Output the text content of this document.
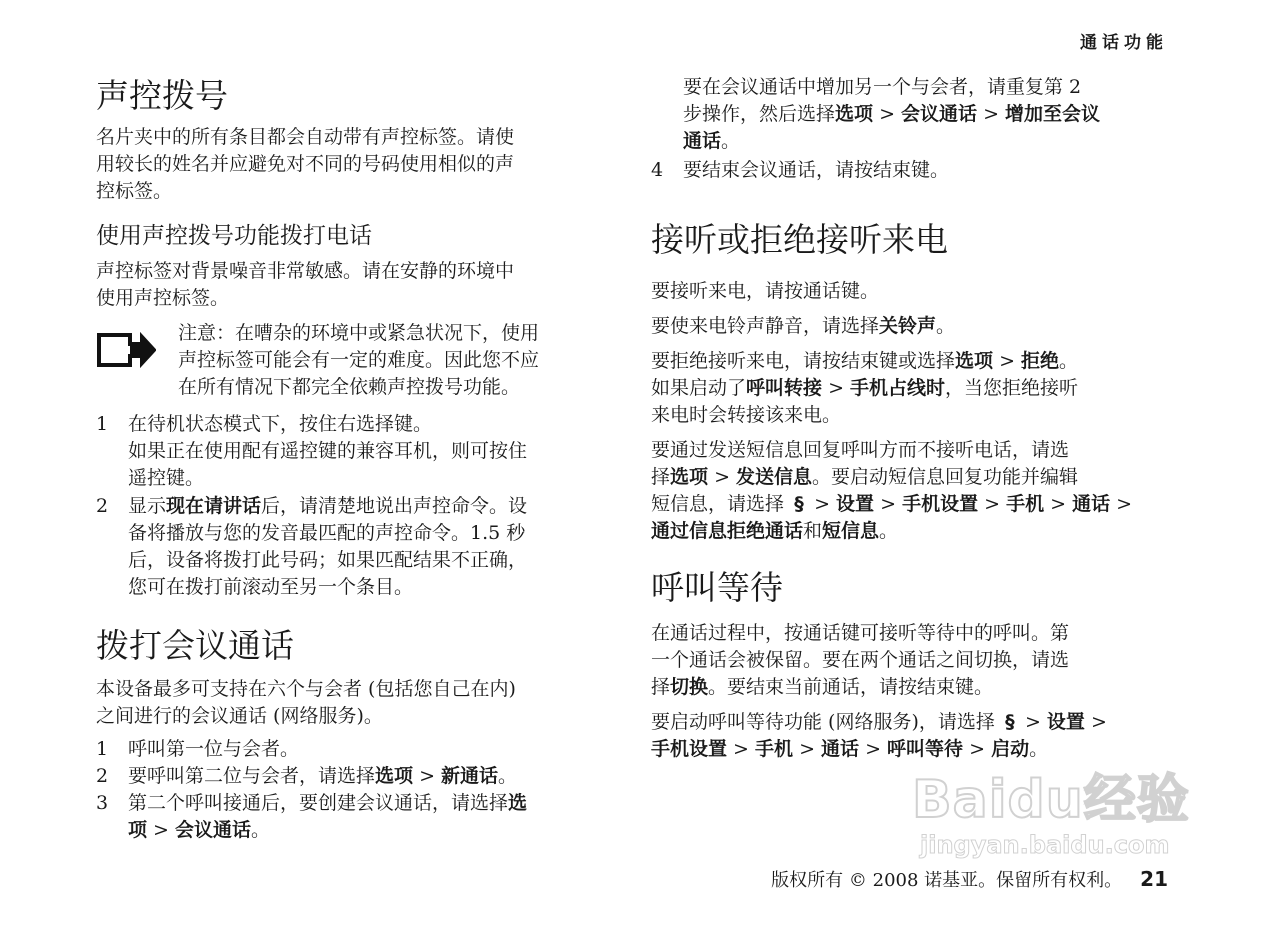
通话功能
声控拨号
名片夹中的所有条目都会自动带有声控标签。请使
用较长的姓名并应避免对不同的号码使用相似的声
控标签。
使用声控拨号功能拨打电话
声控标签对背景噪音非常敏感。请在安静的环境中
使用声控标签。
注意：在嘈杂的环境中或紧急状况下，使用
声控标签可能会有一定的难度。因此您不应
在所有情况下都完全依赖声控拨号功能。
1	在待机状态模式下，按住右选择键。
如果正在使用配有遥控键的兼容耳机，则可按住
遥控键。
2	显示现在请讲话后，请清楚地说出声控命令。设
备将播放与您的发音最匹配的声控命令。1.5 秒
后，设备将拨打此号码；如果匹配结果不正确，
您可在拨打前滚动至另一个条目。
拨打会议通话
本设备最多可支持在六个与会者 (包括您自己在内)
之间进行的会议通话 (网络服务)。
1	呼叫第一位与会者。
2	要呼叫第二位与会者，请选择选项 > 新通话。
3	第二个呼叫接通后，要创建会议通话，请选择选
项 > 会议通话。
要在会议通话中增加另一个与会者，请重复第 2
步操作，然后选择选项 > 会议通话 > 增加至会议
通话。
4	要结束会议通话，请按结束键。
接听或拒绝接听来电
要接听来电，请按通话键。
要使来电铃声静音，请选择关铃声。
要拒绝接听来电，请按结束键或选择选项 > 拒绝。
如果启动了呼叫转接 > 手机占线时，当您拒绝接听
来电时会转接该来电。
要通过发送短信息回复呼叫方而不接听电话，请选
择选项 > 发送信息。要启动短信息回复功能并编辑
短信息，请选择 § > 设置 > 手机设置 > 手机 > 通话 >
通过信息拒绝通话和短信息。
呼叫等待
在通话过程中，按通话键可接听等待中的呼叫。第
一个通话会被保留。要在两个通话之间切换，请选
择切换。要结束当前通话，请按结束键。
要启动呼叫等待功能 (网络服务)，请选择 § > 设置 >
手机设置 > 手机 > 通话 > 呼叫等待 > 启动。
Baidu经验
jingyan.baidu.com
版权所有 © 2008 诺基亚。保留所有权利。 21
